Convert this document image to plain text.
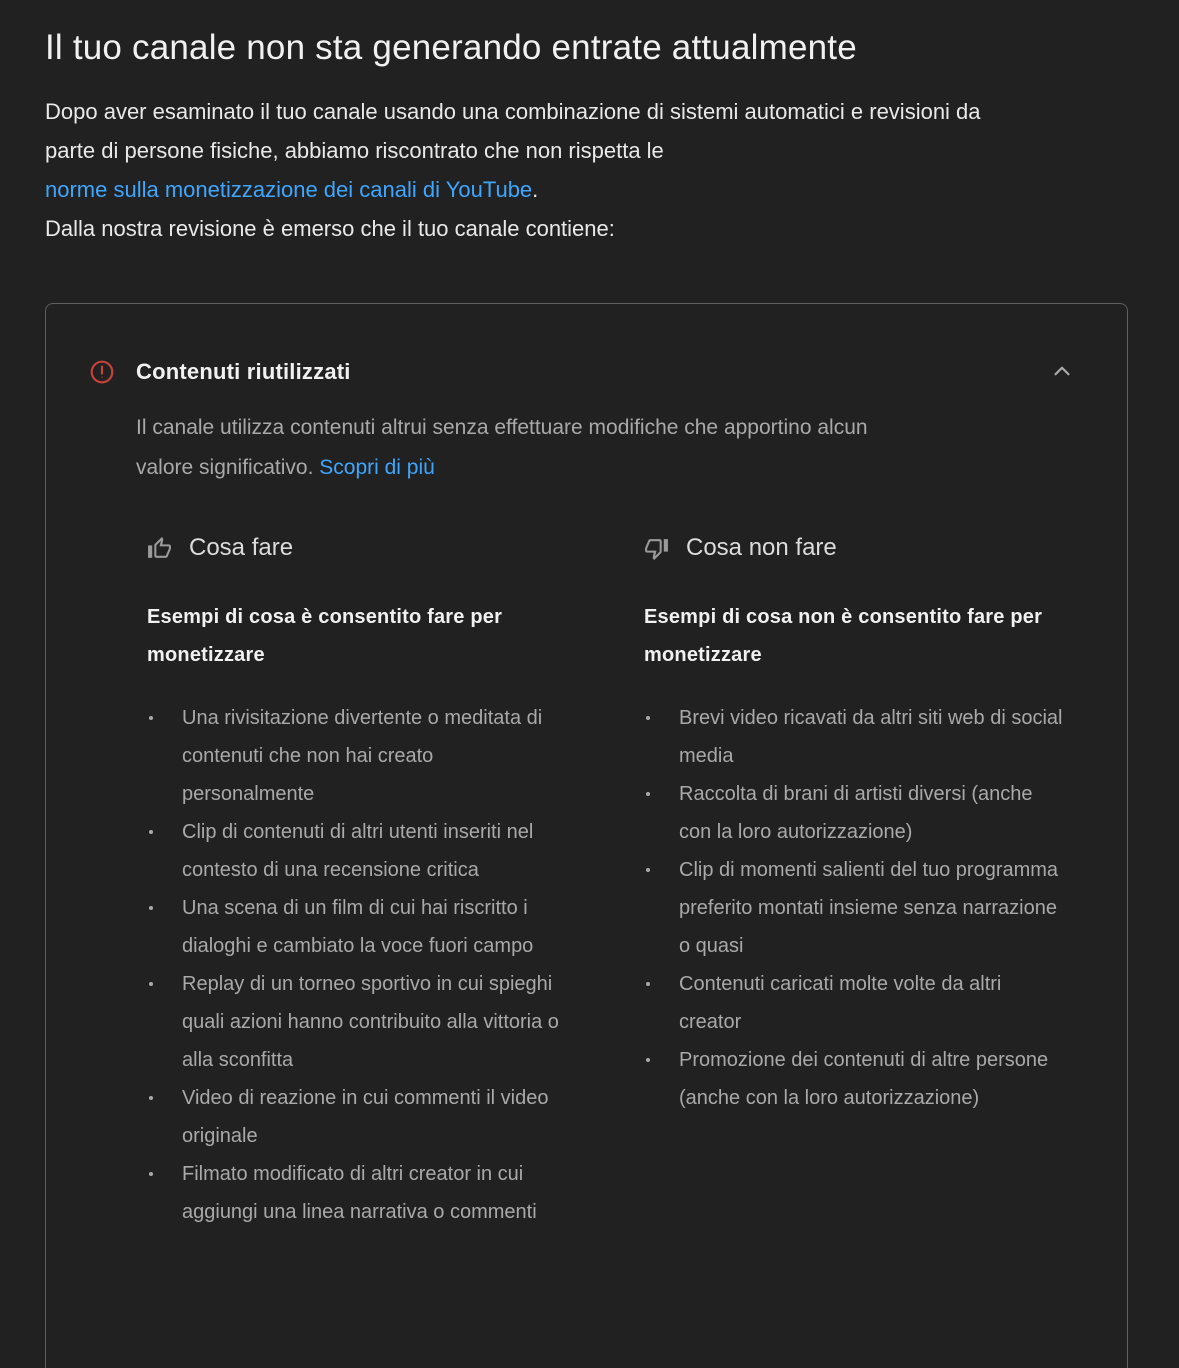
Il tuo canale non sta generando entrate attualmente
Dopo aver esaminato il tuo canale usando una combinazione di sistemi automatici e revisioni da
parte di persone fisiche, abbiamo riscontrato che non rispetta le
norme sulla monetizzazione dei canali di YouTube.
Dalla nostra revisione è emerso che il tuo canale contiene:
Contenuti riutilizzati

Il canale utilizza contenuti altrui senza effettuare modifiche che apportino alcun
valore significativo. Scopri di più

Cosa fare
Esempi di cosa è consentito fare per monetizzare
Una rivisitazione divertente o meditata di contenuti che non hai creato personalmente
Clip di contenuti di altri utenti inseriti nel contesto di una recensione critica
Una scena di un film di cui hai riscritto i dialoghi e cambiato la voce fuori campo
Replay di un torneo sportivo in cui spieghi quali azioni hanno contribuito alla vittoria o alla sconfitta
Video di reazione in cui commenti il video originale
Filmato modificato di altri creator in cui aggiungi una linea narrativa o commenti
Cosa non fare
Esempi di cosa non è consentito fare per monetizzare
Brevi video ricavati da altri siti web di social media
Raccolta di brani di artisti diversi (anche con la loro autorizzazione)
Clip di momenti salienti del tuo programma preferito montati insieme senza narrazione o quasi
Contenuti caricati molte volte da altri creator
Promozione dei contenuti di altre persone (anche con la loro autorizzazione)
